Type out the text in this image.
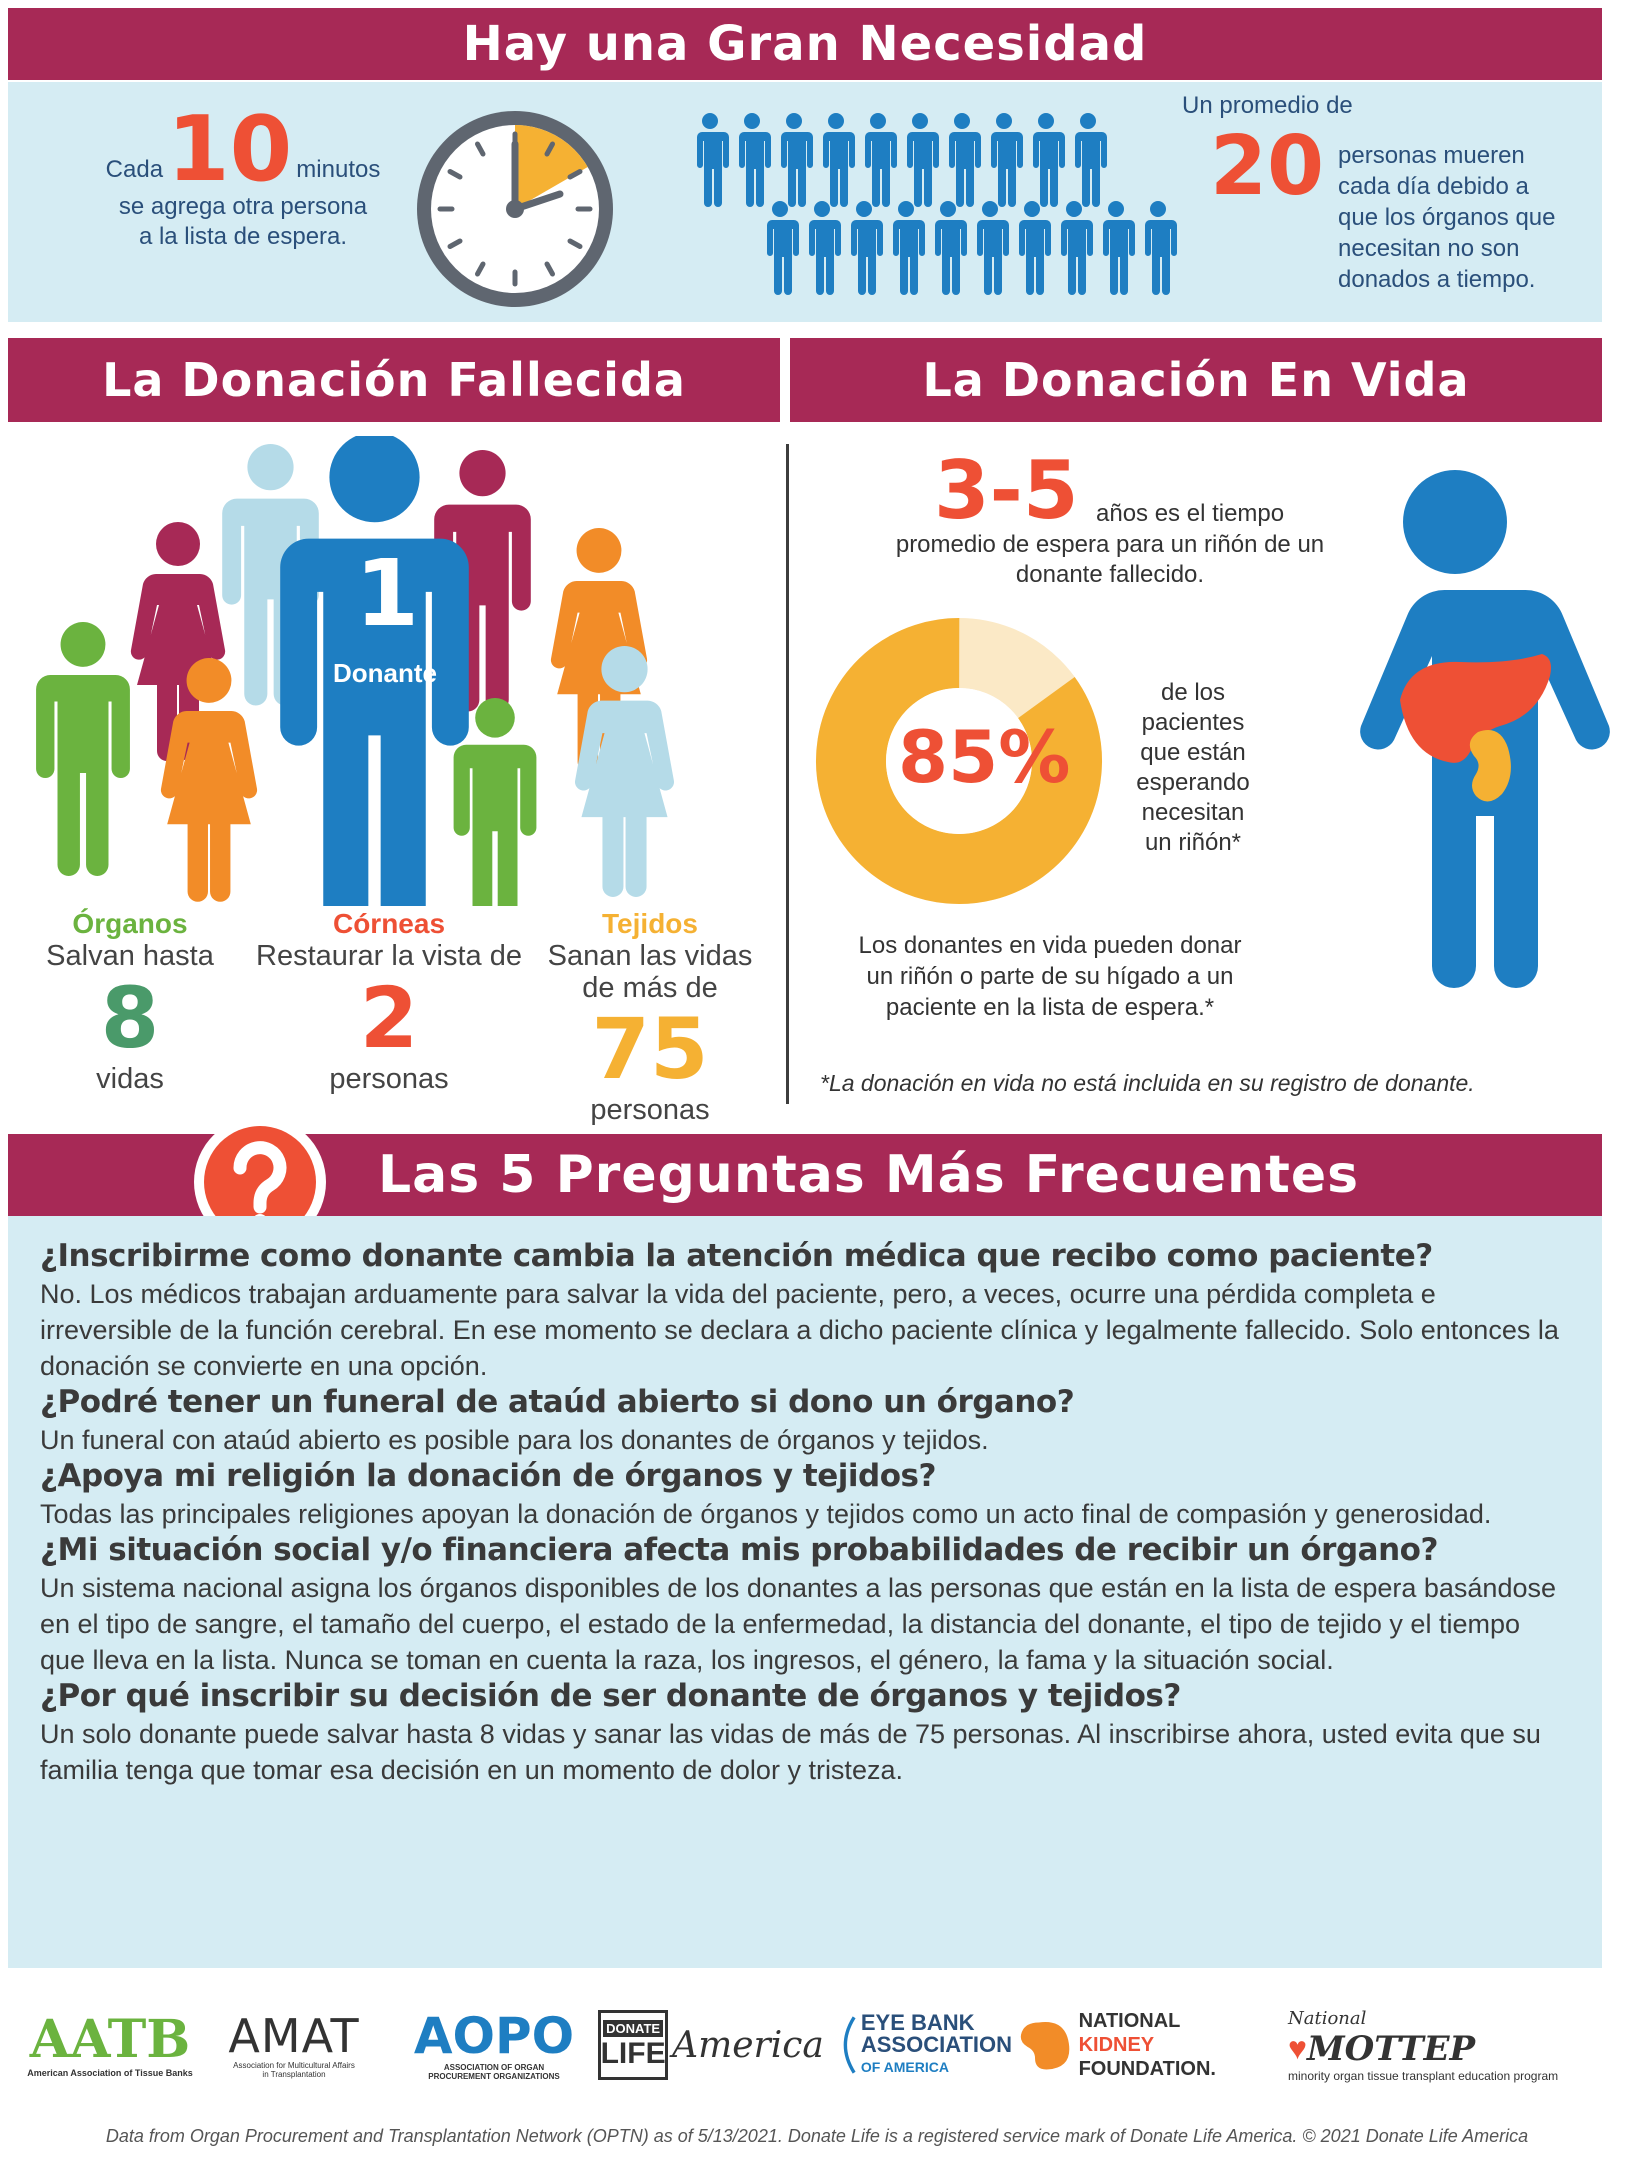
Hay una Gran Necesidad
Cada 10 minutos
se agrega otra persona
a la lista de espera.
Un promedio de
20 personas mueren
cada día debido a
que los órganos que
necesitan no son
donados a tiempo.
La Donación Fallecida	La Donación En Vida
1
Donante
Órganos
Salvan hasta
8
vidas
Córneas
Restaurar la vista de
2
personas
Tejidos
Sanan las vidas
de más de
75
personas
3-5 años es el tiempo
promedio de espera para un riñón de un
donante fallecido.
85%
de los
pacientes
que están
esperando
necesitan
un riñón*
Los donantes en vida pueden donar
un riñón o parte de su hígado a un
paciente en la lista de espera.*
*La donación en vida no está incluida en su registro de donante.
Las 5 Preguntas Más Frecuentes
¿Inscribirme como donante cambia la atención médica que recibo como paciente?
No. Los médicos trabajan arduamente para salvar la vida del paciente, pero, a veces, ocurre una pérdida completa e irreversible de la función cerebral. En ese momento se declara a dicho paciente clínica y legalmente fallecido. Solo entonces la donación se convierte en una opción.
¿Podré tener un funeral de ataúd abierto si dono un órgano?
Un funeral con ataúd abierto es posible para los donantes de órganos y tejidos.
¿Apoya mi religión la donación de órganos y tejidos?
Todas las principales religiones apoyan la donación de órganos y tejidos como un acto final de compasión y generosidad.
¿Mi situación social y/o financiera afecta mis probabilidades de recibir un órgano?
Un sistema nacional asigna los órganos disponibles de los donantes a las personas que están en la lista de espera basándose en el tipo de sangre, el tamaño del cuerpo, el estado de la enfermedad, la distancia del donante, el tipo de tejido y el tiempo que lleva en la lista. Nunca se toman en cuenta la raza, los ingresos, el género, la fama y la situación social.
¿Por qué inscribir su decisión de ser donante de órganos y tejidos?
Un solo donante puede salvar hasta 8 vidas y sanar las vidas de más de 75 personas. Al inscribirse ahora, usted evita que su familia tenga que tomar esa decisión en un momento de dolor y tristeza.
AATB
American Association of Tissue Banks
AMAT
Association for Multicultural Affairs in Transplantation
AOPO
ASSOCIATION OF ORGAN PROCUREMENT ORGANIZATIONS
DONATE
LIFE America
EYE BANK
ASSOCIATION
OF AMERICA
NATIONAL KIDNEY
FOUNDATION.
National
♥ MOTTEP
minority organ tissue transplant education program
Data from Organ Procurement and Transplantation Network (OPTN) as of 5/13/2021. Donate Life is a registered service mark of Donate Life America. © 2021 Donate Life America
